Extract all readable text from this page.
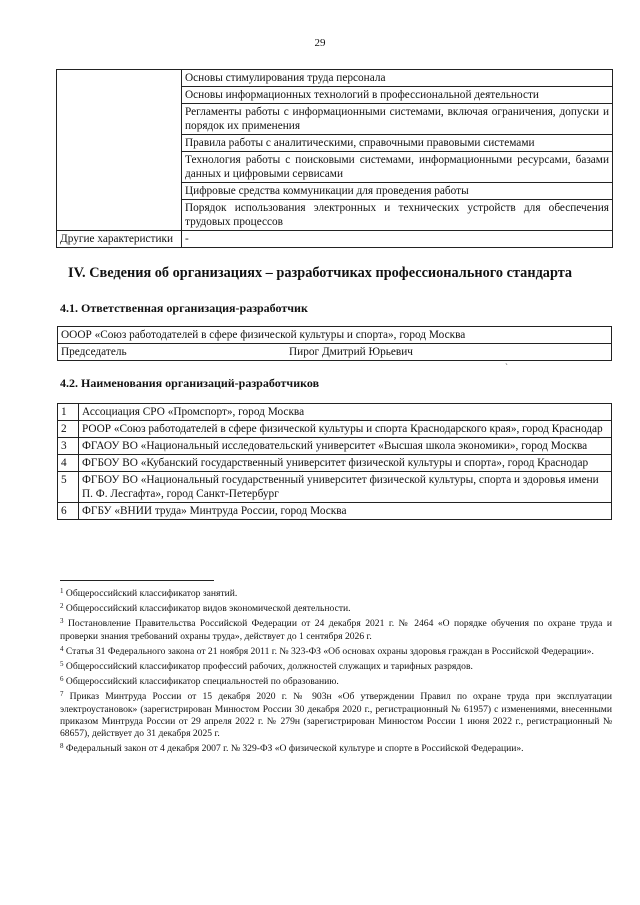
29
	Основы стимулирования труда персонала
	Основы информационных технологий в профессиональной деятельности
	Регламенты работы с информационными системами, включая ограничения, допуски и порядок их применения
	Правила работы с аналитическими, справочными правовыми системами
	Технология работы с поисковыми системами, информационными ресурсами, базами данных и цифровыми сервисами
	Цифровые средства коммуникации для проведения работы
	Порядок использования электронных и технических устройств для обеспечения трудовых процессов
Другие характеристики	-
IV. Сведения об организациях – разработчиках профессионального стандарта
4.1. Ответственная организация-разработчик
ОООР «Союз работодателей в сфере физической культуры и спорта», город Москва

Председатель	Пирог Дмитрий Юрьевич
`
4.2. Наименования организаций-разработчиков
1	Ассоциация СРО «Промспорт», город Москва
2	РООР «Союз работодателей в сфере физической культуры и спорта Краснодарского края», город Краснодар
3	ФГАОУ ВО «Национальный исследовательский университет «Высшая школа экономики», город Москва
4	ФГБОУ ВО «Кубанский государственный университет физической культуры и спорта», город Краснодар
5	ФГБОУ ВО «Национальный государственный университет физической культуры, спорта и здоровья имени П. Ф. Лесгафта», город Санкт-Петербург
6	ФГБУ «ВНИИ труда» Минтруда России, город Москва

$^1$ Общероссийский классификатор занятий.

$^2$ Общероссийский классификатор видов экономической деятельности.

$^3$ Постановление Правительства Российской Федерации от 24 декабря 2021 г. № 2464 «О порядке обучения по охране труда и проверки знания требований охраны труда», действует до 1 сентября 2026 г.

$^4$ Статья 31 Федерального закона от 21 ноября 2011 г. № 323-ФЗ «Об основах охраны здоровья граждан в Российской Федерации».

$^5$ Общероссийский классификатор профессий рабочих, должностей служащих и тарифных разрядов.

$^6$ Общероссийский классификатор специальностей по образованию.

$^7$ Приказ Минтруда России от 15 декабря 2020 г. № 903н «Об утверждении Правил по охране труда при эксплуатации электроустановок» (зарегистрирован Минюстом России 30 декабря 2020 г., регистрационный № 61957) с изменениями, внесенными приказом Минтруда России от 29 апреля 2022 г. № 279н (зарегистрирован Минюстом России 1 июня 2022 г., регистрационный № 68657), действует до 31 декабря 2025 г.

$^8$ Федеральный закон от 4 декабря 2007 г. № 329-ФЗ «О физической культуре и спорте в Российской Федерации».
